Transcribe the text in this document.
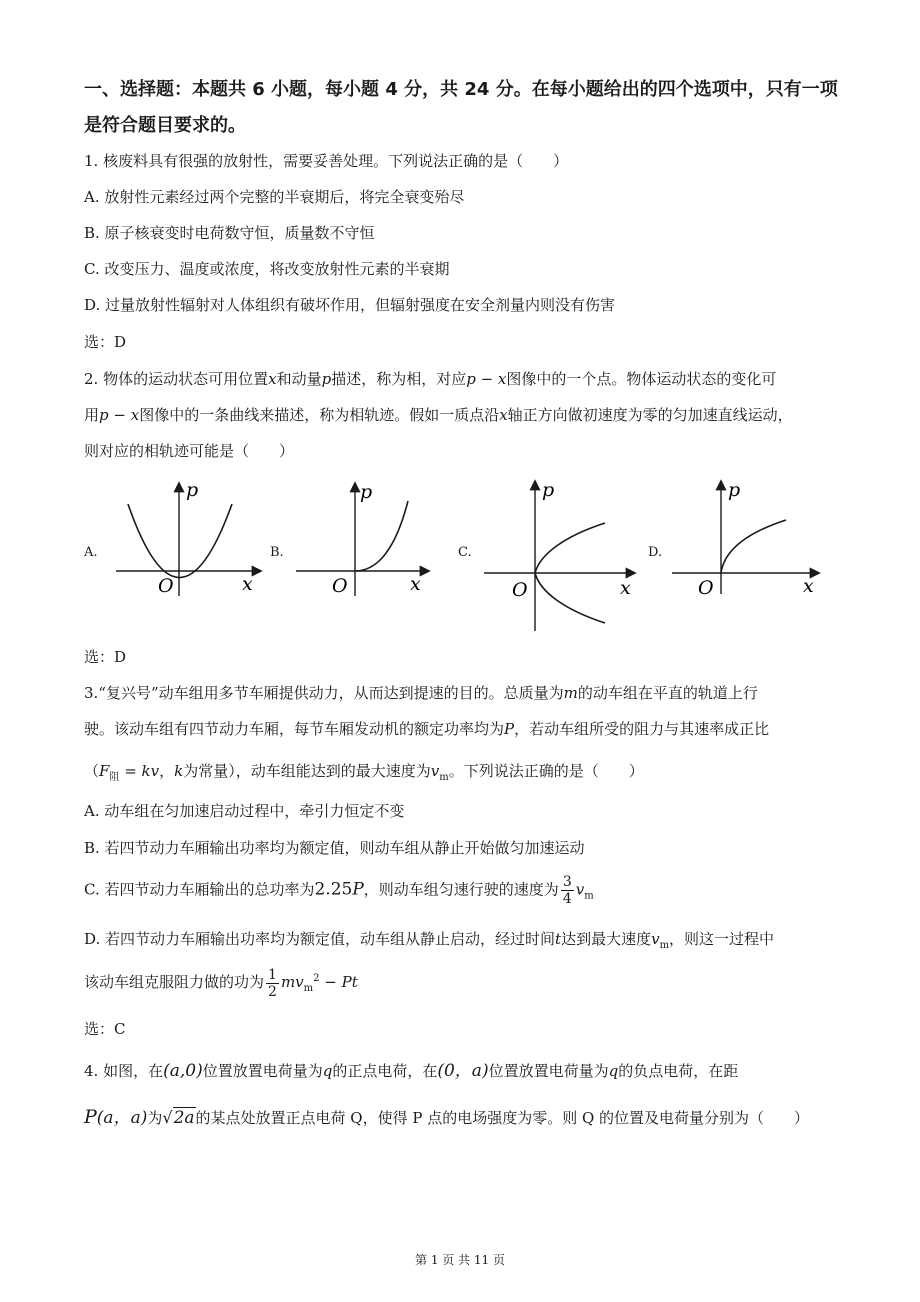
一、选择题：本题共 6 小题，每小题 4 分，共 24 分。在每小题给出的四个选项中，只有一项
是符合题目要求的。
1. 核废料具有很强的放射性，需要妥善处理。下列说法正确的是（　　）
A. 放射性元素经过两个完整的半衰期后，将完全衰变殆尽
B. 原子核衰变时电荷数守恒，质量数不守恒
C. 改变压力、温度或浓度，将改变放射性元素的半衰期
D. 过量放射性辐射对人体组织有破坏作用，但辐射强度在安全剂量内则没有伤害
选：D
2. 物体的运动状态可用位置x和动量p描述，称为相，对应p − x图像中的一个点。物体运动状态的变化可
用p − x图像中的一条曲线来描述，称为相轨迹。假如一质点沿x轴正方向做初速度为零的匀加速直线运动，
则对应的相轨迹可能是（　　）
A.
p
x
O
B.
p
x
O
C.
p
x
O
D.
p
x
O
选：D
3.“复兴号”动车组用多节车厢提供动力，从而达到提速的目的。总质量为m的动车组在平直的轨道上行
驶。该动车组有四节动力车厢，每节车厢发动机的额定功率均为P，若动车组所受的阻力与其速率成正比
（$F_阻$ = kv，k为常量），动车组能达到的最大速度为$v_m$。下列说法正确的是（　　）
A. 动车组在匀加速启动过程中，牵引力恒定不变
B. 若四节动力车厢输出功率均为额定值，则动车组从静止开始做匀加速运动
C. 若四节动力车厢输出的总功率为2.25P，则动车组匀速行驶的速度为 $\frac{3}{4} v_m$
D. 若四节动力车厢输出功率均为额定值，动车组从静止启动，经过时间t达到最大速度$v_m$，则这一过程中
该动车组克服阻力做的功为 $\frac{1}{2} mv_m^2 - Pt$
选：C
4. 如图，在(a,0)位置放置电荷量为q的正点电荷，在(0，a)位置放置电荷量为q的负点电荷，在距
P(a，a)为√2a的某点处放置正点电荷 Q，使得 P 点的电场强度为零。则 Q 的位置及电荷量分别为（　　）
第 1 页 共 11 页
